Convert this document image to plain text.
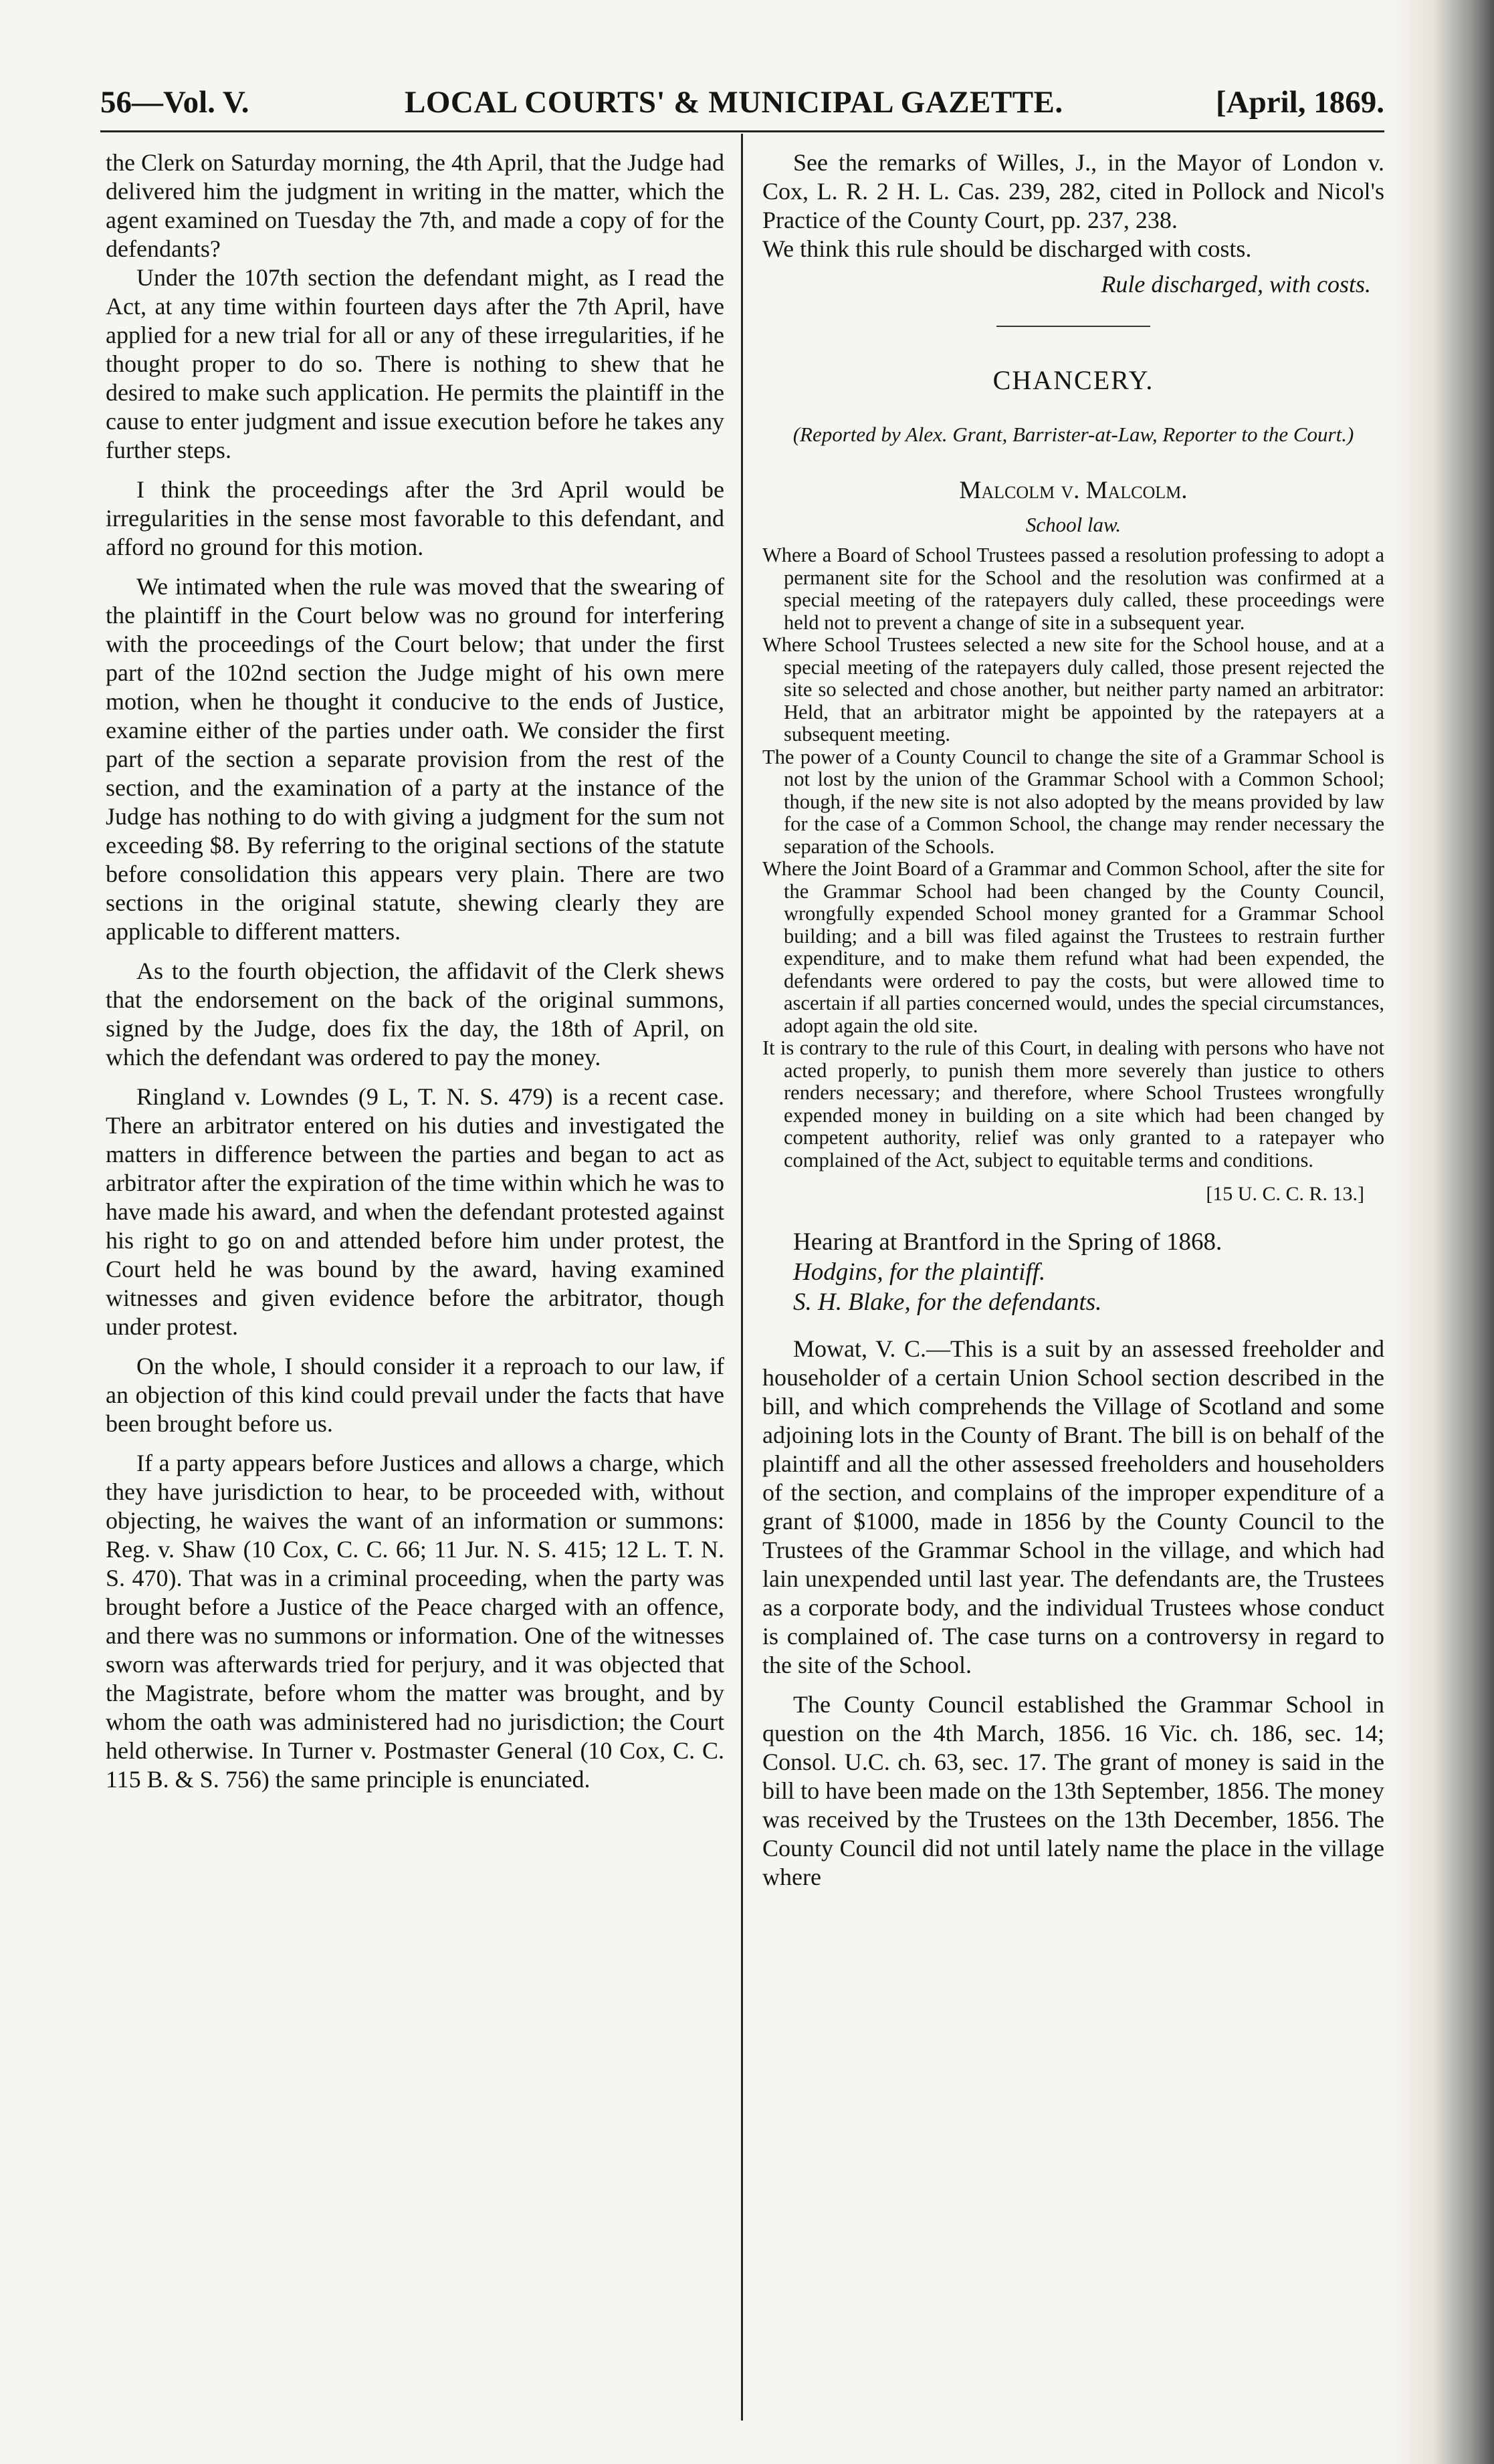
56—Vol. V.	LOCAL COURTS' & MUNICIPAL GAZETTE.	[April, 1869.

the Clerk on Saturday morning, the 4th April, that the Judge had delivered him the judgment in writing in the matter, which the agent examined on Tuesday the 7th, and made a copy of for the defendants?

Under the 107th section the defendant might, as I read the Act, at any time within fourteen days after the 7th April, have applied for a new trial for all or any of these irregularities, if he thought proper to do so. There is nothing to shew that he desired to make such application. He permits the plaintiff in the cause to enter judgment and issue execution before he takes any further steps.

I think the proceedings after the 3rd April would be irregularities in the sense most favorable to this defendant, and afford no ground for this motion.

We intimated when the rule was moved that the swearing of the plaintiff in the Court below was no ground for interfering with the proceedings of the Court below; that under the first part of the 102nd section the Judge might of his own mere motion, when he thought it conducive to the ends of Justice, examine either of the parties under oath. We consider the first part of the section a separate provision from the rest of the section, and the examination of a party at the instance of the Judge has nothing to do with giving a judgment for the sum not exceeding $8. By referring to the original sections of the statute before consolidation this appears very plain. There are two sections in the original statute, shewing clearly they are applicable to different matters.

As to the fourth objection, the affidavit of the Clerk shews that the endorsement on the back of the original summons, signed by the Judge, does fix the day, the 18th of April, on which the defendant was ordered to pay the money.

Ringland v. Lowndes (9 L, T. N. S. 479) is a recent case. There an arbitrator entered on his duties and investigated the matters in difference between the parties and began to act as arbitrator after the expiration of the time within which he was to have made his award, and when the defendant protested against his right to go on and attended before him under protest, the Court held he was bound by the award, having examined witnesses and given evidence before the arbitrator, though under protest.

On the whole, I should consider it a reproach to our law, if an objection of this kind could prevail under the facts that have been brought before us.

If a party appears before Justices and allows a charge, which they have jurisdiction to hear, to be proceeded with, without objecting, he waives the want of an information or summons: Reg. v. Shaw (10 Cox, C. C. 66; 11 Jur. N. S. 415; 12 L. T. N. S. 470). That was in a criminal proceeding, when the party was brought before a Justice of the Peace charged with an offence, and there was no summons or information. One of the witnesses sworn was afterwards tried for perjury, and it was objected that the Magistrate, before whom the matter was brought, and by whom the oath was administered had no jurisdiction; the Court held otherwise. In Turner v. Postmaster General (10 Cox, C. C. 115 B. & S. 756) the same principle is enunciated.

See the remarks of Willes, J., in the Mayor of London v. Cox, L. R. 2 H. L. Cas. 239, 282, cited in Pollock and Nicol's Practice of the County Court, pp. 237, 238.

We think this rule should be discharged with costs.

Rule discharged, with costs.

CHANCERY.

(Reported by Alex. Grant, Barrister-at-Law, Reporter to the Court.)

Malcolm v. Malcolm.

School law.

Where a Board of School Trustees passed a resolution professing to adopt a permanent site for the School and the resolution was confirmed at a special meeting of the ratepayers duly called, these proceedings were held not to prevent a change of site in a subsequent year.

Where School Trustees selected a new site for the School house, and at a special meeting of the ratepayers duly called, those present rejected the site so selected and chose another, but neither party named an arbitrator: Held, that an arbitrator might be appointed by the ratepayers at a subsequent meeting.

The power of a County Council to change the site of a Grammar School is not lost by the union of the Grammar School with a Common School; though, if the new site is not also adopted by the means provided by law for the case of a Common School, the change may render necessary the separation of the Schools.

Where the Joint Board of a Grammar and Common School, after the site for the Grammar School had been changed by the County Council, wrongfully expended School money granted for a Grammar School building; and a bill was filed against the Trustees to restrain further expenditure, and to make them refund what had been expended, the defendants were ordered to pay the costs, but were allowed time to ascertain if all parties concerned would, undes the special circumstances, adopt again the old site.

It is contrary to the rule of this Court, in dealing with persons who have not acted properly, to punish them more severely than justice to others renders necessary; and therefore, where School Trustees wrongfully expended money in building on a site which had been changed by competent authority, relief was only granted to a ratepayer who complained of the Act, subject to equitable terms and conditions.

[15 U. C. C. R. 13.]

Hearing at Brantford in the Spring of 1868.

Hodgins, for the plaintiff.

S. H. Blake, for the defendants.

Mowat, V. C.—This is a suit by an assessed freeholder and householder of a certain Union School section described in the bill, and which comprehends the Village of Scotland and some adjoining lots in the County of Brant. The bill is on behalf of the plaintiff and all the other assessed freeholders and householders of the section, and complains of the improper expenditure of a grant of $1000, made in 1856 by the County Council to the Trustees of the Grammar School in the village, and which had lain unexpended until last year. The defendants are, the Trustees as a corporate body, and the individual Trustees whose conduct is complained of. The case turns on a controversy in regard to the site of the School.

The County Council established the Grammar School in question on the 4th March, 1856. 16 Vic. ch. 186, sec. 14; Consol. U.C. ch. 63, sec. 17. The grant of money is said in the bill to have been made on the 13th September, 1856. The money was received by the Trustees on the 13th December, 1856. The County Council did not until lately name the place in the village where
